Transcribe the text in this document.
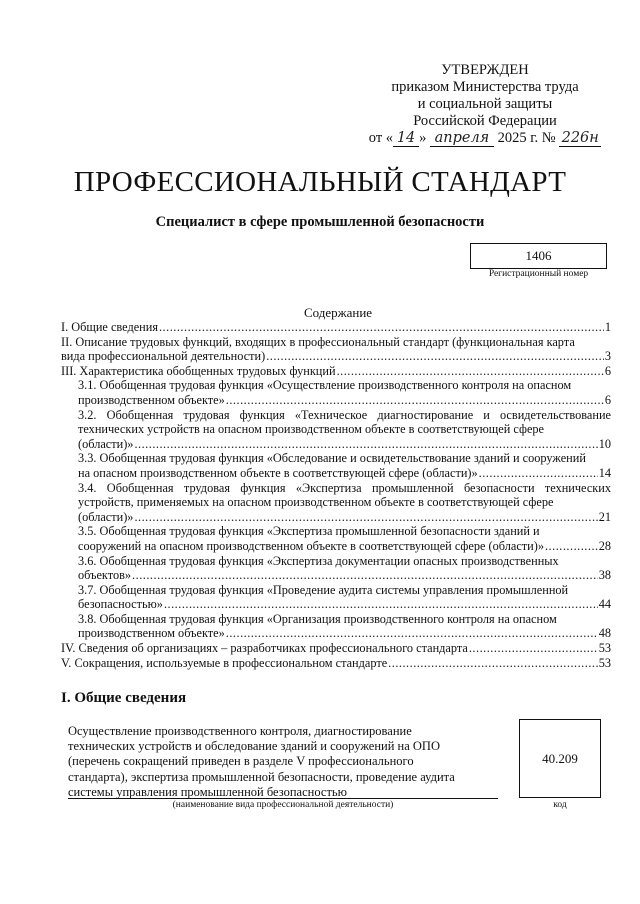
УТВЕРЖДЕН
приказом Министерства труда
и социальной защиты
Российской Федерации
от « 14 » апреля 2025 г. № 226н
ПРОФЕССИОНАЛЬНЫЙ СТАНДАРТ
Специалист в сфере промышленной безопасности
1406
Регистрационный номер
Содержание
I. Общие сведения .....	1
II. Описание трудовых функций, входящих в профессиональный стандарт (функциональная карта
вида профессиональной деятельности) .....	3
III. Характеристика обобщенных трудовых функций .....	6
3.1. Обобщенная трудовая функция «Осуществление производственного контроля на опасном
производственном объекте» .....	6
3.2. Обобщенная трудовая функция «Техническое диагностирование и освидетельствование технических устройств на опасном производственном объекте в соответствующей сфере
(области)» .....	10
3.3. Обобщенная трудовая функция «Обследование и освидетельствование зданий и сооружений
на опасном производственном объекте в соответствующей сфере (области)» .....	14
3.4. Обобщенная трудовая функция «Экспертиза промышленной безопасности технических устройств, применяемых на опасном производственном объекте в соответствующей сфере
(области)» .....	21
3.5. Обобщенная трудовая функция «Экспертиза промышленной безопасности зданий и
сооружений на опасном производственном объекте в соответствующей сфере (области)» .....	28
3.6. Обобщенная трудовая функция «Экспертиза документации опасных производственных
объектов» .....	38
3.7. Обобщенная трудовая функция «Проведение аудита системы управления промышленной
безопасностью» .....	44
3.8. Обобщенная трудовая функция «Организация производственного контроля на опасном
производственном объекте» .....	48
IV. Сведения об организациях – разработчиках профессионального стандарта .....	53
V. Сокращения, используемые в профессиональном стандарте .....	53
I. Общие сведения
Осуществление производственного контроля, диагностирование
технических устройств и обследование зданий и сооружений на ОПО
(перечень сокращений приведен в разделе V профессионального
стандарта), экспертиза промышленной безопасности, проведение аудита
системы управления промышленной безопасностью
(наименование вида профессиональной деятельности)
40.209
код
